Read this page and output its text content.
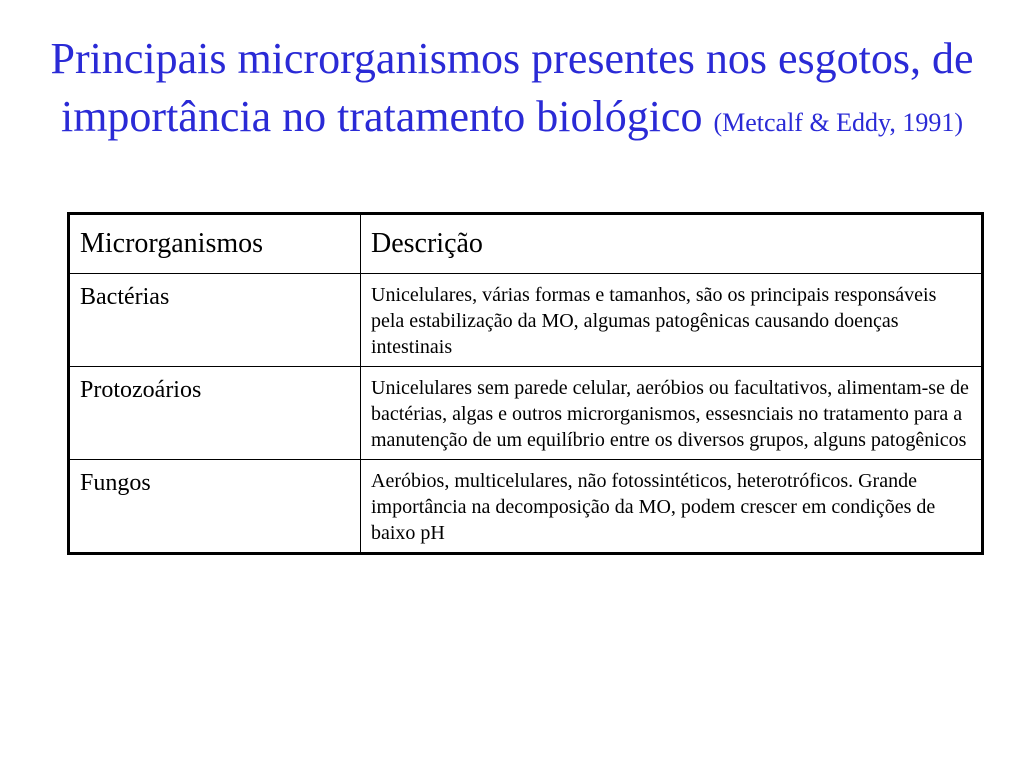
Principais microrganismos presentes nos esgotos, de importância no tratamento biológico (Metcalf & Eddy, 1991)
Microrganismos	Descrição
Bactérias	Unicelulares, várias formas e tamanhos, são os principais responsáveis pela estabilização da MO, algumas patogênicas causando doenças intestinais
Protozoários	Unicelulares sem parede celular, aeróbios ou facultativos, alimentam-se de bactérias, algas e outros microrganismos, essesnciais no tratamento para a manutenção de um equilíbrio entre os diversos grupos, alguns patogênicos
Fungos	Aeróbios, multicelulares, não fotossintéticos, heterotróficos. Grande importância na decomposição da MO, podem crescer em condições de baixo pH
